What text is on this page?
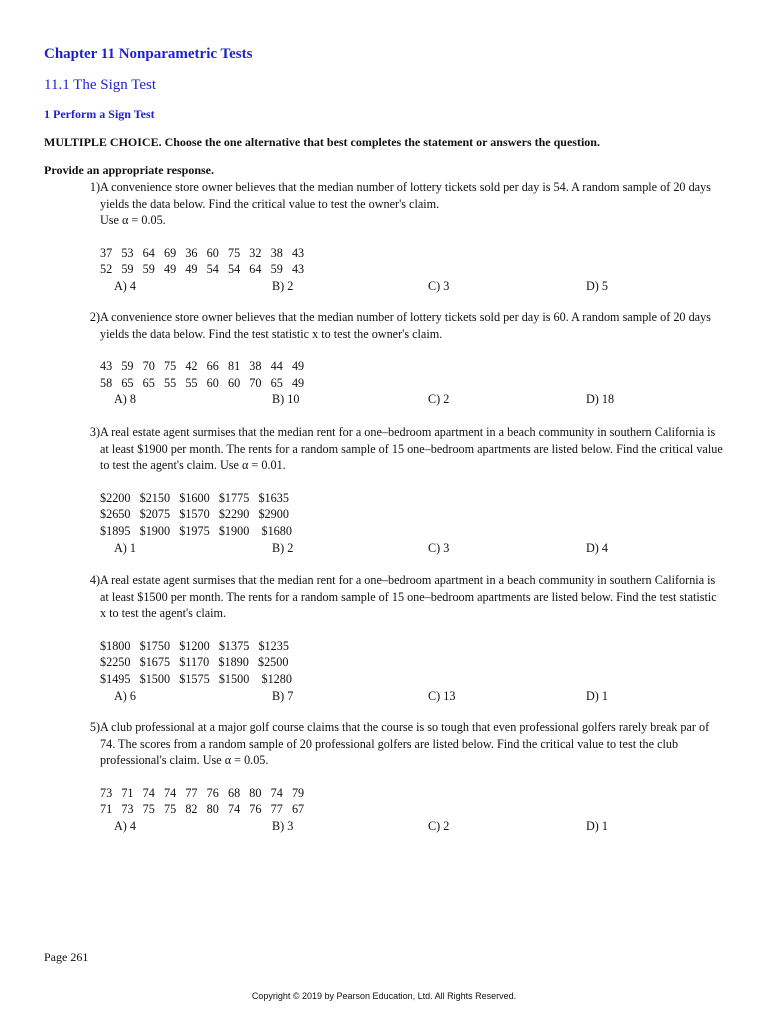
Chapter 11 Nonparametric Tests
11.1 The Sign Test
1 Perform a Sign Test
MULTIPLE CHOICE. Choose the one alternative that best completes the statement or answers the question.
Provide an appropriate response.
1) A convenience store owner believes that the median number of lottery tickets sold per day is 54. A random sample of 20 days yields the data below. Find the critical value to test the owner's claim.
Use α = 0.05.
37   53   64   69   36   60   75   32   38   43
52   59   59   49   49   54   54   64   59   43
A) 4	B) 2	C) 3	D) 5
2) A convenience store owner believes that the median number of lottery tickets sold per day is 60. A random sample of 20 days yields the data below. Find the test statistic x to test the owner's claim.
43   59   70   75   42   66   81   38   44   49
58   65   65   55   55   60   60   70   65   49
A) 8	B) 10	C) 2	D) 18
3) A real estate agent surmises that the median rent for a one–bedroom apartment in a beach community in southern California is at least $1900 per month. The rents for a random sample of 15 one–bedroom apartments are listed below. Find the critical value to test the agent's claim. Use α = 0.01.
$2200   $2150   $1600   $1775   $1635
$2650   $2075   $1570   $2290   $2900
$1895   $1900   $1975   $1900    $1680
A) 1	B) 2	C) 3	D) 4
4) A real estate agent surmises that the median rent for a one–bedroom apartment in a beach community in southern California is at least $1500 per month. The rents for a random sample of 15 one–bedroom apartments are listed below. Find the test statistic x to test the agent's claim.
$1800   $1750   $1200   $1375   $1235
$2250   $1675   $1170   $1890   $2500
$1495   $1500   $1575   $1500    $1280
A) 6	B) 7	C) 13	D) 1
5) A club professional at a major golf course claims that the course is so tough that even professional golfers rarely break par of 74. The scores from a random sample of 20 professional golfers are listed below. Find the critical value to test the club professional's claim. Use α = 0.05.
73   71   74   74   77   76   68   80   74   79
71   73   75   75   82   80   74   76   77   67
A) 4	B) 3	C) 2	D) 1
Page 261
Copyright © 2019 by Pearson Education, Ltd. All Rights Reserved.
